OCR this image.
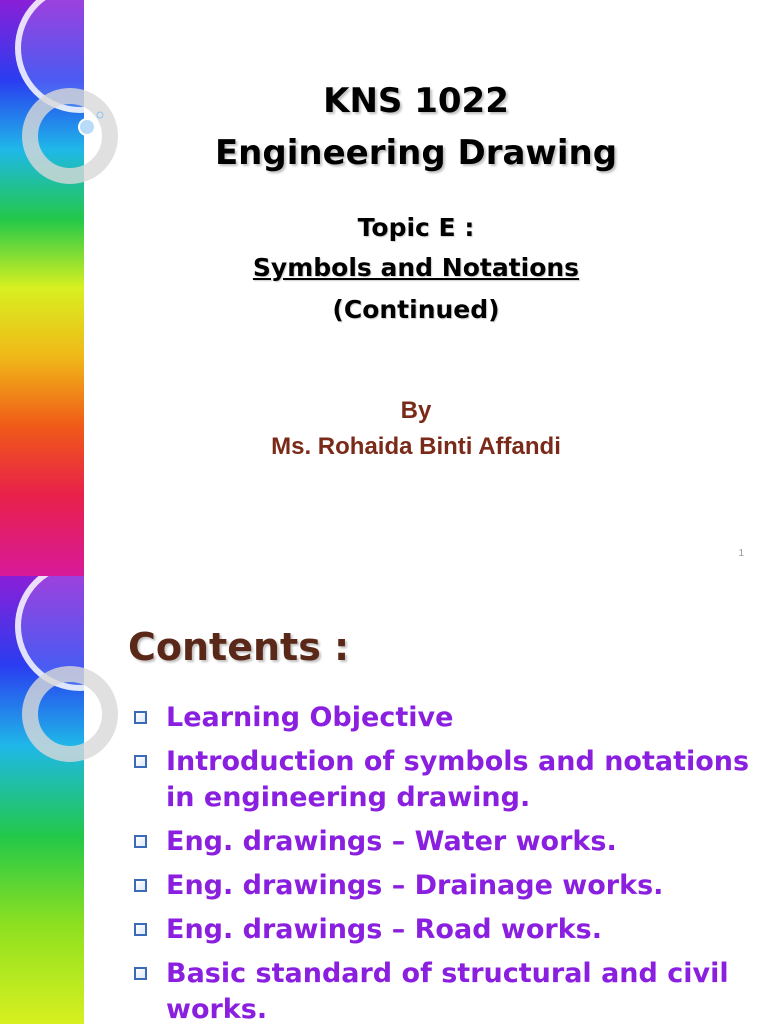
KNS 1022
Engineering Drawing

Topic E :

Symbols and Notations

(Continued)

By

Ms. Rohaida Binti Affandi

1
Contents :
Learning Objective
Introduction of symbols and notations in engineering drawing.
Eng. drawings – Water works.
Eng. drawings – Drainage works.
Eng. drawings – Road works.
Basic standard of structural and civil works.
